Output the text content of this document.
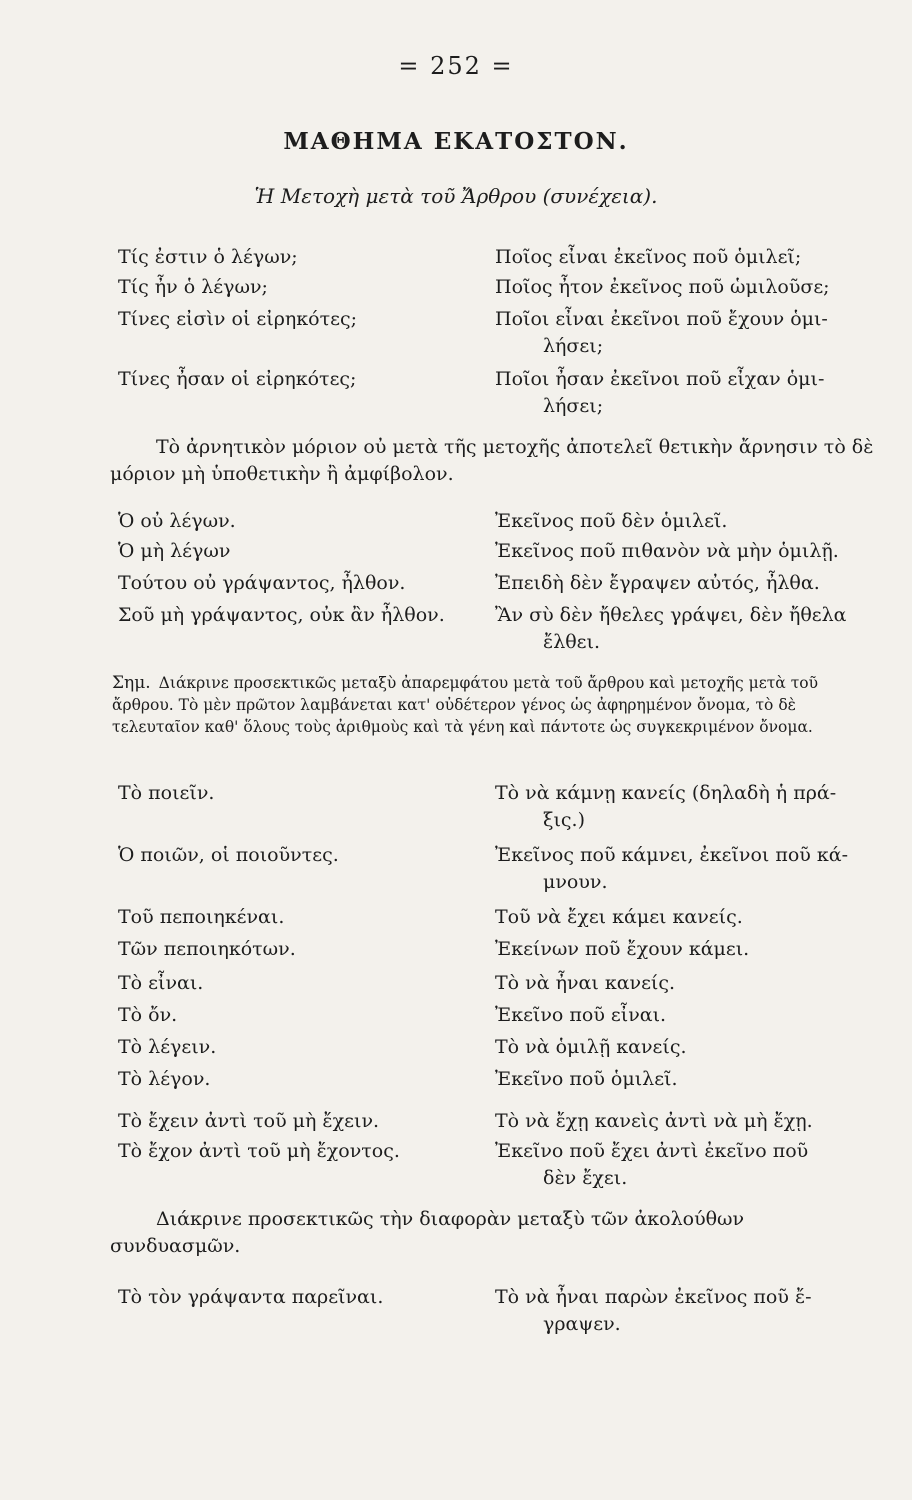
= 252 =
ΜΑΘΗΜΑ ΕΚΑΤΟΣΤΟΝ.
Ἡ Μετοχὴ μετὰ τοῦ Ἄρθρου (συνέχεια).
Τίς ἐστιν ὁ λέγων;	Ποῖος εἶναι ἐκεῖνος ποῦ ὁμιλεῖ;
Τίς ἦν ὁ λέγων;	Ποῖος ἦτον ἐκεῖνος ποῦ ὡμιλοῦσε;
Τίνες εἰσὶν οἱ εἰρηκότες;	Ποῖοι εἶναι ἐκεῖνοι ποῦ ἔχουν ὁμι-
λήσει;
Τίνες ἦσαν οἱ εἰρηκότες;	Ποῖοι ἦσαν ἐκεῖνοι ποῦ εἶχαν ὁμι-
λήσει;
Τὸ ἀρνητικὸν μόριον οὐ μετὰ τῆς μετοχῆς ἀποτελεῖ θετικὴν ἄρνησιν τὸ δὲ μόριον μὴ ὑποθετικὴν ἢ ἀμφίβολον.
Ὁ οὐ λέγων.	Ἐκεῖνος ποῦ δὲν ὁμιλεῖ.
Ὁ μὴ λέγων	Ἐκεῖνος ποῦ πιθανὸν νὰ μὴν ὁμιλῇ.
Τούτου οὐ γράψαντος, ἦλθον.	Ἐπειδὴ δὲν ἔγραψεν αὐτός, ἦλθα.
Σοῦ μὴ γράψαντος, οὐκ ἂν ἦλθον.	Ἂν σὺ δὲν ἤθελες γράψει, δὲν ἤθελα
ἔλθει.
Σημ. Διάκρινε προσεκτικῶς μεταξὺ ἀπαρεμφάτου μετὰ τοῦ ἄρθρου καὶ μετοχῆς μετὰ τοῦ ἄρθρου. Τὸ μὲν πρῶτον λαμβάνεται κατ' οὐδέτερον γένος ὡς ἀφηρημένον ὄνομα, τὸ δὲ τελευταῖον καθ' ὅλους τοὺς ἀριθμοὺς καὶ τὰ γένη καὶ πάντοτε ὡς συγκεκριμένον ὄνομα.
Τὸ ποιεῖν.	Τὸ νὰ κάμνῃ κανείς (δηλαδὴ ἡ πρά-
ξις.)
Ὁ ποιῶν, οἱ ποιοῦντες.	Ἐκεῖνος ποῦ κάμνει, ἐκεῖνοι ποῦ κά-
μνουν.
Τοῦ πεποιηκέναι.	Τοῦ νὰ ἔχει κάμει κανείς.
Τῶν πεποιηκότων.	Ἐκείνων ποῦ ἔχουν κάμει.
Τὸ εἶναι.	Τὸ νὰ ἦναι κανείς.
Τὸ ὄν.	Ἐκεῖνο ποῦ εἶναι.
Τὸ λέγειν.	Τὸ νὰ ὁμιλῇ κανείς.
Τὸ λέγον.	Ἐκεῖνο ποῦ ὁμιλεῖ.
Τὸ ἔχειν ἀντὶ τοῦ μὴ ἔχειν.	Τὸ νὰ ἔχῃ κανεὶς ἀντὶ νὰ μὴ ἔχῃ.
Τὸ ἔχον ἀντὶ τοῦ μὴ ἔχοντος.	Ἐκεῖνο ποῦ ἔχει ἀντὶ ἐκεῖνο ποῦ
δὲν ἔχει.
Διάκρινε προσεκτικῶς τὴν διαφορὰν μεταξὺ τῶν ἀκολούθων συνδυασμῶν.
Τὸ τὸν γράψαντα παρεῖναι.	Τὸ νὰ ἦναι παρὼν ἐκεῖνος ποῦ ἔ-
γραψεν.
